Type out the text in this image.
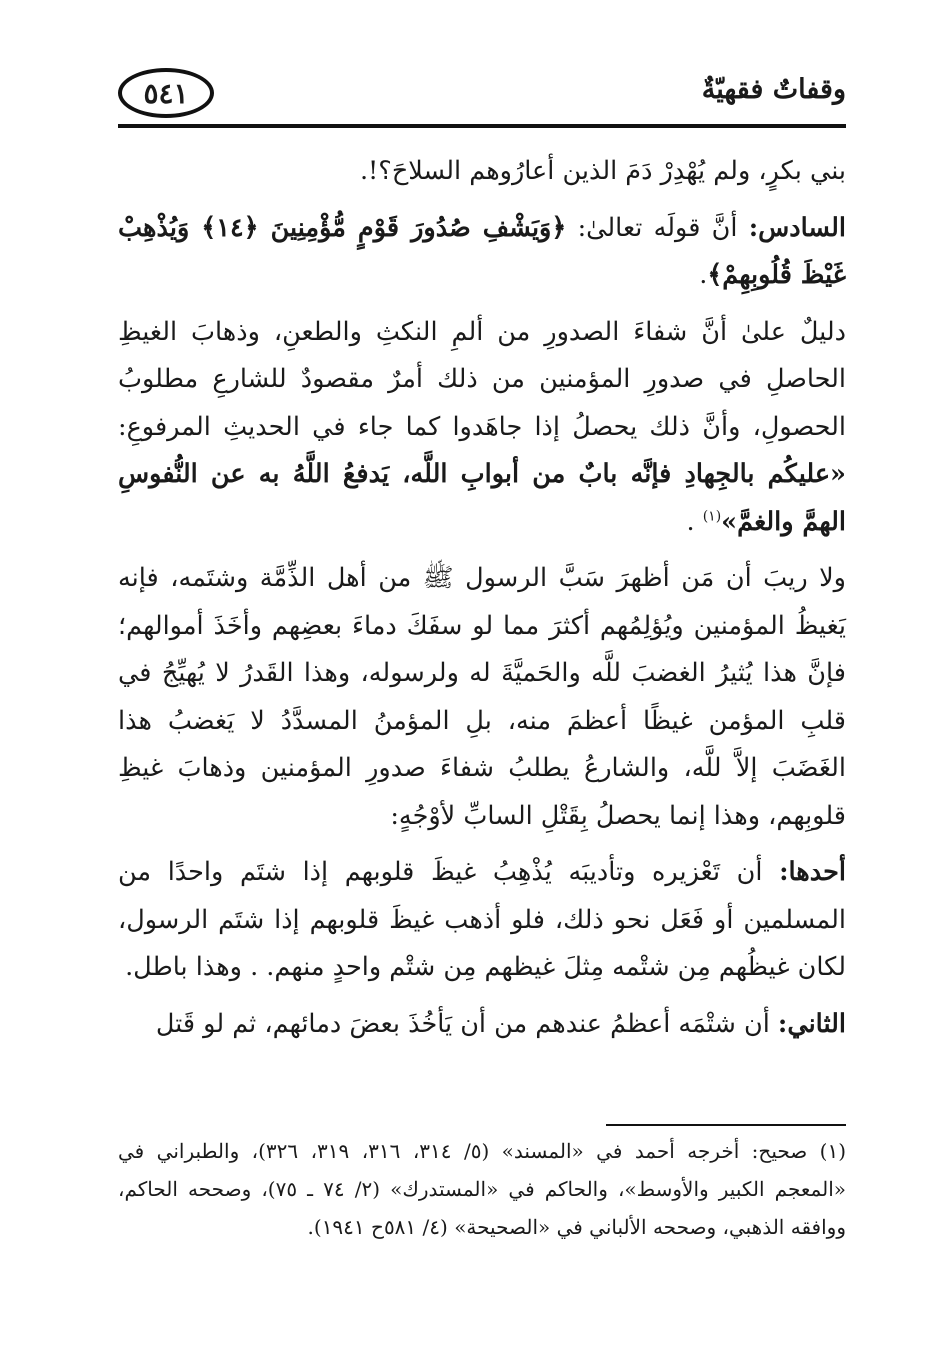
وقفاتٌ فقهيّةٌ
٥٤١

بني بكرٍ، ولم يُهْدِرْ دَمَ الذين أعارُوهم السلاحَ؟!.

السادس: أنَّ قولَه تعالىٰ: ﴿وَيَشْفِ صُدُورَ قَوْمٍ مُّؤْمِنِينَ ﴿١٤﴾ وَيُذْهِبْ غَيْظَ قُلُوبِهِمْ﴾.

دليلٌ علىٰ أنَّ شفاءَ الصدورِ من ألمِ النكثِ والطعنِ، وذهابَ الغيظِ الحاصلِ في صدورِ المؤمنين من ذلك أمرٌ مقصودٌ للشارعِ مطلوبُ الحصولِ، وأنَّ ذلك يحصلُ إذا جاهَدوا كما جاء في الحديثِ المرفوعِ: «عليكُم بالجِهادِ فإنَّه بابٌ من أبوابِ اللَّه، يَدفعُ اللَّهُ به عن النُّفوسِ الهمَّ والغمَّ»$^{(١)}$ .

ولا ريبَ أن مَن أظهرَ سَبَّ الرسول ﷺ من أهل الذِّمَّة وشتَمه، فإنه يَغيظُ المؤمنين ويُؤلِمُهم أكثرَ مما لو سفَكَ دماءَ بعضِهم وأخَذَ أموالهم؛ فإنَّ هذا يُثيرُ الغضبَ للَّه والحَميَّةَ له ولرسوله، وهذا القَدرُ لا يُهيِّجُ في قلبِ المؤمن غيظًا أعظمَ منه، بلِ المؤمنُ المسدَّدُ لا يَغضبُ هذا الغَضَبَ إلاَّ للَّه، والشارعُ يطلبُ شفاءَ صدورِ المؤمنين وذهابَ غيظِ قلوبِهم، وهذا إنما يحصلُ بِقَتْلِ السابِّ لأوْجُهٍ:

أحدها: أن تَعْزيره وتأديبَه يُذْهِبُ غيظَ قلوبهم إذا شتَم واحدًا من المسلمين أو فَعَل نحو ذلك، فلو أذهب غيظَ قلوبهم إذا شتَم الرسول، لكان غيظُهم مِن شتْمه مِثلَ غيظهم مِن شتْم واحدٍ منهم. . وهذا باطل.

الثاني: أن شتْمَه أعظمُ عندهم من أن يَأخُذَ بعضَ دمائهم، ثم لو قَتل

(١) صحيح: أخرجه أحمد في «المسند» (٥/ ٣١٤، ٣١٦، ٣١٩، ٣٢٦)، والطبراني في «المعجم الكبير والأوسط»، والحاكم في «المستدرك» (٢/ ٧٤ ـ ٧٥)، وصححه الحاكم، ووافقه الذهبي، وصححه الألباني في «الصحيحة» (٤/ ٥٨١ح ١٩٤١).
